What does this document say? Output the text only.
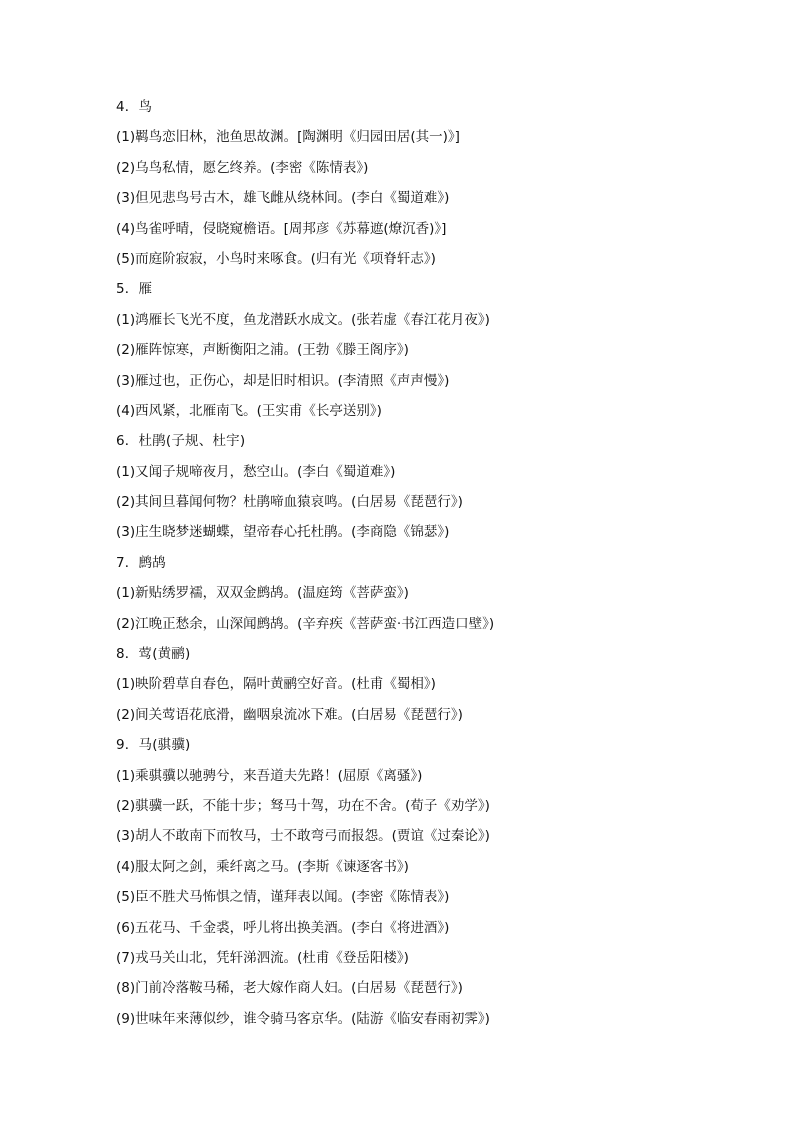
4．鸟
(1)羁鸟恋旧林，池鱼思故渊。[陶渊明《归园田居(其一)》]
(2)乌鸟私情，愿乞终养。(李密《陈情表》)
(3)但见悲鸟号古木，雄飞雌从绕林间。(李白《蜀道难》)
(4)鸟雀呼晴，侵晓窥檐语。[周邦彦《苏幕遮(燎沉香)》]
(5)而庭阶寂寂，小鸟时来啄食。(归有光《项脊轩志》)
5．雁
(1)鸿雁长飞光不度，鱼龙潜跃水成文。(张若虚《春江花月夜》)
(2)雁阵惊寒，声断衡阳之浦。(王勃《滕王阁序》)
(3)雁过也，正伤心，却是旧时相识。(李清照《声声慢》)
(4)西风紧，北雁南飞。(王实甫《长亭送别》)
6．杜鹃(子规、杜宇)
(1)又闻子规啼夜月，愁空山。(李白《蜀道难》)
(2)其间旦暮闻何物？杜鹃啼血猿哀鸣。(白居易《琵琶行》)
(3)庄生晓梦迷蝴蝶，望帝春心托杜鹃。(李商隐《锦瑟》)
7．鹧鸪
(1)新贴绣罗襦，双双金鹧鸪。(温庭筠《菩萨蛮》)
(2)江晚正愁余，山深闻鹧鸪。(辛弃疾《菩萨蛮·书江西造口壁》)
8．莺(黄鹂)
(1)映阶碧草自春色，隔叶黄鹂空好音。(杜甫《蜀相》)
(2)间关莺语花底滑，幽咽泉流冰下难。(白居易《琵琶行》)
9．马(骐骥)
(1)乘骐骥以驰骋兮，来吾道夫先路！(屈原《离骚》)
(2)骐骥一跃，不能十步；驽马十驾，功在不舍。(荀子《劝学》)
(3)胡人不敢南下而牧马，士不敢弯弓而报怨。(贾谊《过秦论》)
(4)服太阿之剑，乘纤离之马。(李斯《谏逐客书》)
(5)臣不胜犬马怖惧之情，谨拜表以闻。(李密《陈情表》)
(6)五花马、千金裘，呼儿将出换美酒。(李白《将进酒》)
(7)戎马关山北，凭轩涕泗流。(杜甫《登岳阳楼》)
(8)门前冷落鞍马稀，老大嫁作商人妇。(白居易《琵琶行》)
(9)世味年来薄似纱，谁令骑马客京华。(陆游《临安春雨初霁》)
